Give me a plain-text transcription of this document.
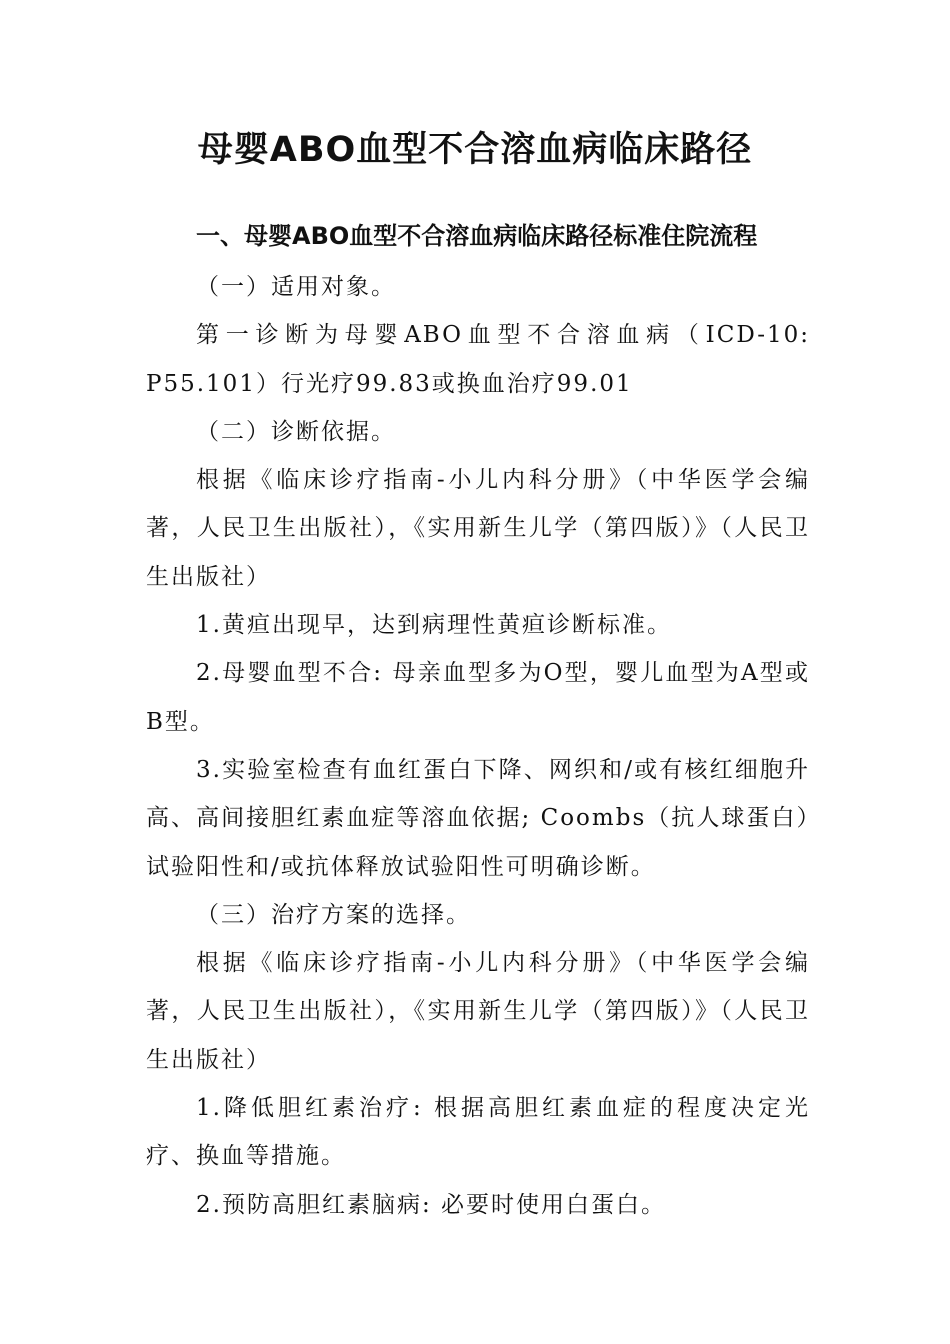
母婴ABO血型不合溶血病临床路径
一、母婴ABO血型不合溶血病临床路径标准住院流程

（一）适用对象。

第一诊断为母婴ABO血型不合溶血病（ICD-10: P55.101）行光疗99.83或换血治疗99.01

（二）诊断依据。

根据《临床诊疗指南-小儿内科分册》（中华医学会编著，人民卫生出版社），《实用新生儿学（第四版）》（人民卫生出版社）

1.黄疸出现早，达到病理性黄疸诊断标准。

2.母婴血型不合: 母亲血型多为O型，婴儿血型为A型或B型。

3.实验室检查有血红蛋白下降、网织和/或有核红细胞升高、高间接胆红素血症等溶血依据; Coombs（抗人球蛋白）试验阳性和/或抗体释放试验阳性可明确诊断。

（三）治疗方案的选择。

根据《临床诊疗指南-小儿内科分册》（中华医学会编著，人民卫生出版社），《实用新生儿学（第四版）》（人民卫生出版社）

1.降低胆红素治疗: 根据高胆红素血症的程度决定光疗、换血等措施。

2.预防高胆红素脑病: 必要时使用白蛋白。
